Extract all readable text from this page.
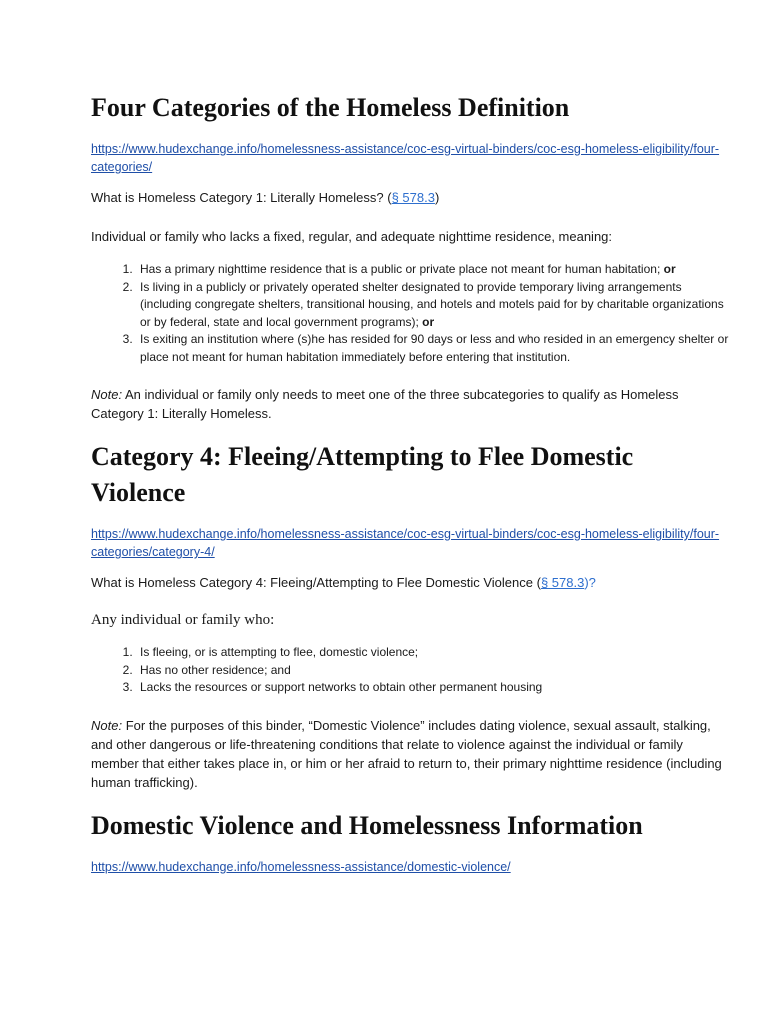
Four Categories of the Homeless Definition
https://www.hudexchange.info/homelessness-assistance/coc-esg-virtual-binders/coc-esg-homeless-eligibility/four-categories/

What is Homeless Category 1: Literally Homeless? (§ 578.3)

Individual or family who lacks a fixed, regular, and adequate nighttime residence, meaning:

1. Has a primary nighttime residence that is a public or private place not meant for human habitation; or
2. Is living in a publicly or privately operated shelter designated to provide temporary living arrangements (including congregate shelters, transitional housing, and hotels and motels paid for by charitable organizations or by federal, state and local government programs); or
3. Is exiting an institution where (s)he has resided for 90 days or less and who resided in an emergency shelter or place not meant for human habitation immediately before entering that institution.

Note: An individual or family only needs to meet one of the three subcategories to qualify as Homeless Category 1: Literally Homeless.

Category 4: Fleeing/Attempting to Flee Domestic Violence
https://www.hudexchange.info/homelessness-assistance/coc-esg-virtual-binders/coc-esg-homeless-eligibility/four-categories/category-4/

What is Homeless Category 4: Fleeing/Attempting to Flee Domestic Violence (§ 578.3)?

Any individual or family who:

1. Is fleeing, or is attempting to flee, domestic violence;
2. Has no other residence; and
3. Lacks the resources or support networks to obtain other permanent housing

Note: For the purposes of this binder, “Domestic Violence” includes dating violence, sexual assault, stalking, and other dangerous or life-threatening conditions that relate to violence against the individual or family member that either takes place in, or him or her afraid to return to, their primary nighttime residence (including human trafficking).

Domestic Violence and Homelessness Information
https://www.hudexchange.info/homelessness-assistance/domestic-violence/
